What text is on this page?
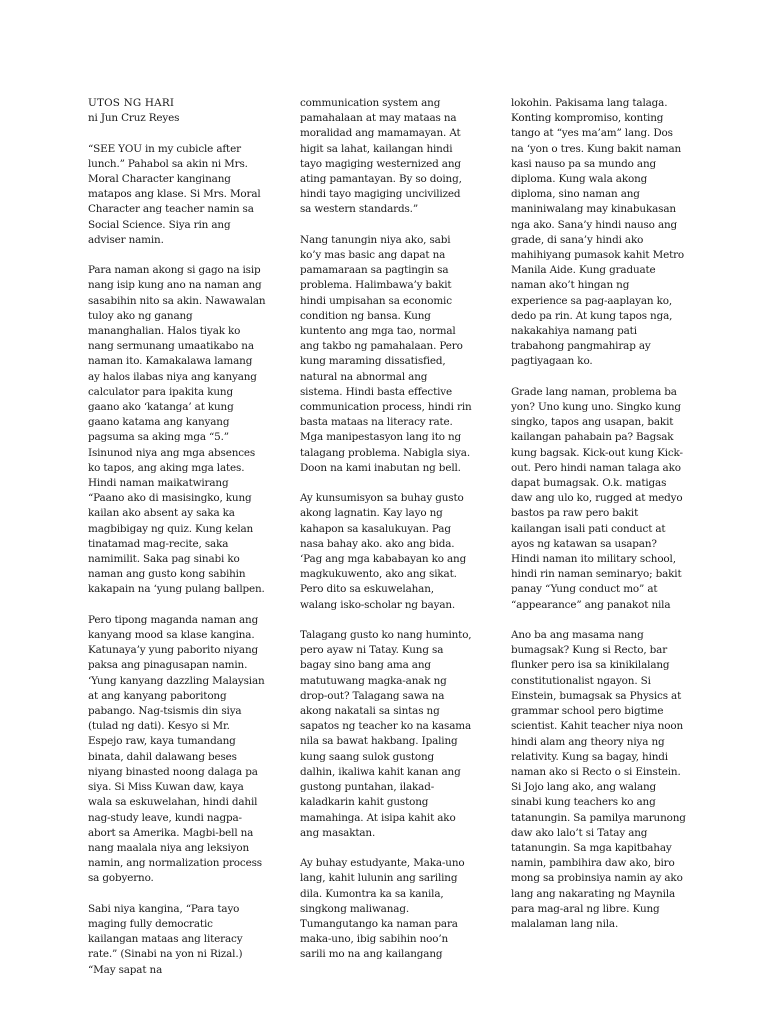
UTOS NG HARI

ni Jun Cruz Reyes

“SEE YOU in my cubicle after lunch.” Pahabol sa akin ni Mrs. Moral Character kanginang matapos ang klase. Si Mrs. Moral Character ang teacher namin sa Social Science. Siya rin ang adviser namin.

Para naman akong si gago na isip nang isip kung ano na naman ang sasabihin nito sa akin. Nawawalan tuloy ako ng ganang mananghalian. Halos tiyak ko nang sermunang umaatikabo na naman ito. Kamakalawa lamang ay halos ilabas niya ang kanyang calculator para ipakita kung gaano ako ‘katanga’ at kung gaano katama ang kanyang pagsuma sa aking mga “5.” Isinunod niya ang mga absences ko tapos, ang aking mga lates. Hindi naman maikatwirang “Paano ako di masisingko, kung kailan ako absent ay saka ka magbibigay ng quiz. Kung kelan tinatamad mag-recite, saka namimilit. Saka pag sinabi ko naman ang gusto kong sabihin kakapain na ‘yung pulang ballpen.

Pero tipong maganda naman ang kanyang mood sa klase kangina. Katunaya’y yung paborito niyang paksa ang pinagusapan namin. ‘Yung kanyang dazzling Malaysian at ang kanyang paboritong pabango. Nag-tsismis din siya (tulad ng dati). Kesyo si Mr. Espejo raw, kaya tumandang binata, dahil dalawang beses niyang binasted noong dalaga pa siya. Si Miss Kuwan daw, kaya wala sa eskuwelahan, hindi dahil nag-study leave, kundi nagpa-abort sa Amerika. Magbi-bell na nang maalala niya ang leksiyon namin, ang normalization process sa gobyerno.

Sabi niya kangina, “Para tayo maging fully democratic kailangan mataas ang literacy rate.” (Sinabi na yon ni Rizal.) “May sapat na

communication system ang pamahalaan at may mataas na moralidad ang mamamayan. At higit sa lahat, kailangan hindi tayo magiging westernized ang ating pamantayan. By so doing, hindi tayo magiging uncivilized sa western standards.”

Nang tanungin niya ako, sabi ko’y mas basic ang dapat na pamamaraan sa pagtingin sa problema. Halimbawa’y bakit hindi umpisahan sa economic condition ng bansa. Kung kuntento ang mga tao, normal ang takbo ng pamahalaan. Pero kung maraming dissatisfied, natural na abnormal ang sistema. Hindi basta effective communication process, hindi rin basta mataas na literacy rate. Mga manipestasyon lang ito ng talagang problema. Nabigla siya. Doon na kami inabutan ng bell.

Ay kunsumisyon sa buhay gusto akong lagnatin. Kay layo ng kahapon sa kasalukuyan. Pag nasa bahay ako. ako ang bida. ‘Pag ang mga kababayan ko ang magkukuwento, ako ang sikat. Pero dito sa eskuwelahan, walang isko-scholar ng bayan.

Talagang gusto ko nang huminto, pero ayaw ni Tatay. Kung sa bagay sino bang ama ang matutuwang magka-anak ng drop-out? Talagang sawa na akong nakatali sa sintas ng sapatos ng teacher ko na kasama nila sa bawat hakbang. Ipaling kung saang sulok gustong dalhin, ikaliwa kahit kanan ang gustong puntahan, ilakad-kaladkarin kahit gustong mamahinga. At isipa kahit ako ang masaktan.

Ay buhay estudyante, Maka-uno lang, kahit lulunin ang sariling dila. Kumontra ka sa kanila, singkong maliwanag. Tumangutango ka naman para maka-uno, ibig sabihin noo’n sarili mo na ang kailangang

lokohin. Pakisama lang talaga. Konting kompromiso, konting tango at “yes ma’am” lang. Dos na ‘yon o tres. Kung bakit naman kasi nauso pa sa mundo ang diploma. Kung wala akong diploma, sino naman ang maniniwalang may kinabukasan nga ako. Sana’y hindi nauso ang grade, di sana’y hindi ako mahihiyang pumasok kahit Metro Manila Aide. Kung graduate naman ako’t hingan ng experience sa pag-aaplayan ko, dedo pa rin. At kung tapos nga, nakakahiya namang pati trabahong pangmahirap ay pagtiyagaan ko.

Grade lang naman, problema ba yon? Uno kung uno. Singko kung singko, tapos ang usapan, bakit kailangan pahabain pa? Bagsak kung bagsak. Kick-out kung Kick-out. Pero hindi naman talaga ako dapat bumagsak. O.k. matigas daw ang ulo ko, rugged at medyo bastos pa raw pero bakit kailangan isali pati conduct at ayos ng katawan sa usapan? Hindi naman ito military school, hindi rin naman seminaryo; bakit panay “Yung conduct mo” at “appearance” ang panakot nila

Ano ba ang masama nang bumagsak? Kung si Recto, bar flunker pero isa sa kinikilalang constitutionalist ngayon. Si Einstein, bumagsak sa Physics at grammar school pero bigtime scientist. Kahit teacher niya noon hindi alam ang theory niya ng relativity. Kung sa bagay, hindi naman ako si Recto o si Einstein. Si Jojo lang ako, ang walang sinabi kung teachers ko ang tatanungin. Sa pamilya marunong daw ako lalo’t si Tatay ang tatanungin. Sa mga kapitbahay namin, pambihira daw ako, biro mong sa probinsiya namin ay ako lang ang nakarating ng Maynila para mag-aral ng libre. Kung malalaman lang nila.
